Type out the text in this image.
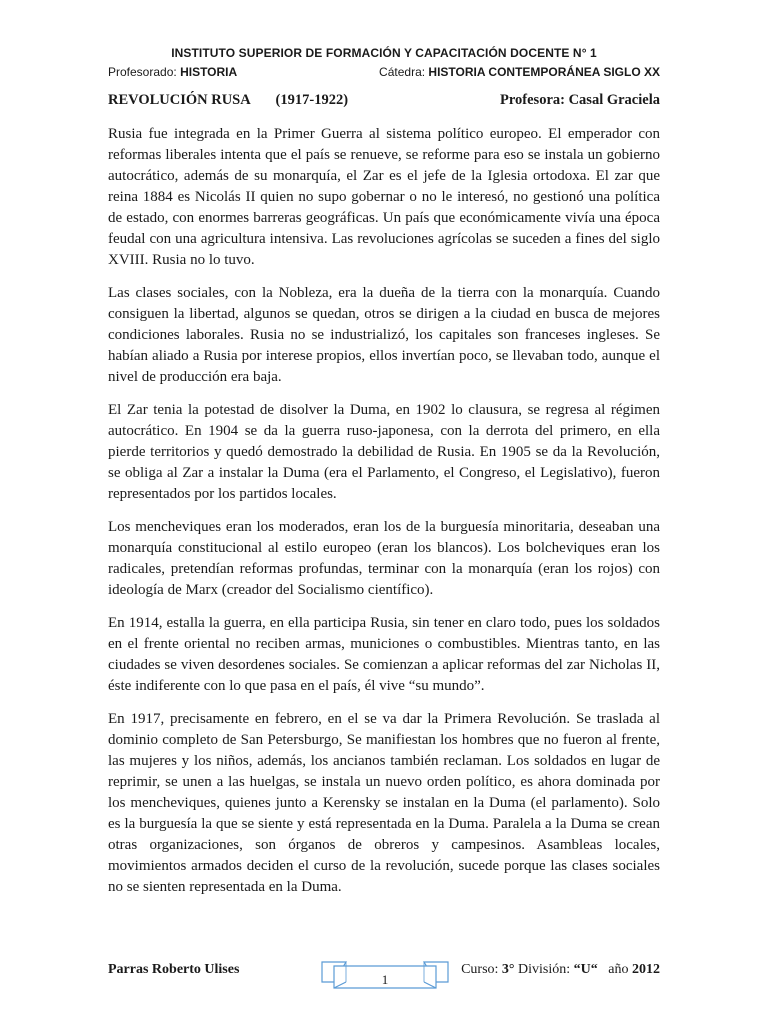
INSTITUTO SUPERIOR DE FORMACIÓN Y CAPACITACIÓN DOCENTE N° 1
Profesorado: HISTORIA	Cátedra: HISTORIA CONTEMPORÁNEA SIGLO XX
REVOLUCIÓN RUSA (1917-1922)	Profesora: Casal Graciela

Rusia fue integrada en la Primer Guerra al sistema político europeo. El emperador con reformas liberales intenta que el país se renueve, se reforme para eso se instala un gobierno autocrático, además de su monarquía, el Zar es el jefe de la Iglesia ortodoxa. El zar que reina 1884 es Nicolás II quien no supo gobernar o no le interesó, no gestionó una política de estado, con enormes barreras geográficas. Un país que económicamente vivía una época feudal con una agricultura intensiva. Las revoluciones agrícolas se suceden a fines del siglo XVIII. Rusia no lo tuvo.

Las clases sociales, con la Nobleza, era la dueña de la tierra con la monarquía. Cuando consiguen la libertad, algunos se quedan, otros se dirigen a la ciudad en busca de mejores condiciones laborales. Rusia no se industrializó, los capitales son franceses ingleses. Se habían aliado a Rusia por interese propios, ellos invertían poco, se llevaban todo, aunque el nivel de producción era baja.

El Zar tenia la potestad de disolver la Duma, en 1902 lo clausura, se regresa al régimen autocrático. En 1904 se da la guerra ruso-japonesa, con la derrota del primero, en ella pierde territorios y quedó demostrado la debilidad de Rusia. En 1905 se da la Revolución, se obliga al Zar a instalar la Duma (era el Parlamento, el Congreso, el Legislativo), fueron representados por los partidos locales.

Los mencheviques eran los moderados, eran los de la burguesía minoritaria, deseaban una monarquía constitucional al estilo europeo (eran los blancos). Los bolcheviques eran los radicales, pretendían reformas profundas, terminar con la monarquía (eran los rojos) con ideología de Marx (creador del Socialismo científico).

En 1914, estalla la guerra, en ella participa Rusia, sin tener en claro todo, pues los soldados en el frente oriental no reciben armas, municiones o combustibles. Mientras tanto, en las ciudades se viven desordenes sociales. Se comienzan a aplicar reformas del zar Nicholas II, éste indiferente con lo que pasa en el país, él vive “su mundo”.

En 1917, precisamente en febrero, en el se va dar la Primera Revolución. Se traslada al dominio completo de San Petersburgo, Se manifiestan los hombres que no fueron al frente, las mujeres y los niños, además, los ancianos también reclaman. Los soldados en lugar de reprimir, se unen a las huelgas, se instala un nuevo orden político, es ahora dominada por los mencheviques, quienes junto a Kerensky se instalan en la Duma (el parlamento). Solo es la burguesía la que se siente y está representada en la Duma. Paralela a la Duma se crean otras organizaciones, son órganos de obreros y campesinos. Asambleas locales, movimientos armados deciden el curso de la revolución, sucede porque las clases sociales no se sienten representada en la Duma.

Parras Roberto Ulises	Curso: 3° División: “U“ año 2012
1
